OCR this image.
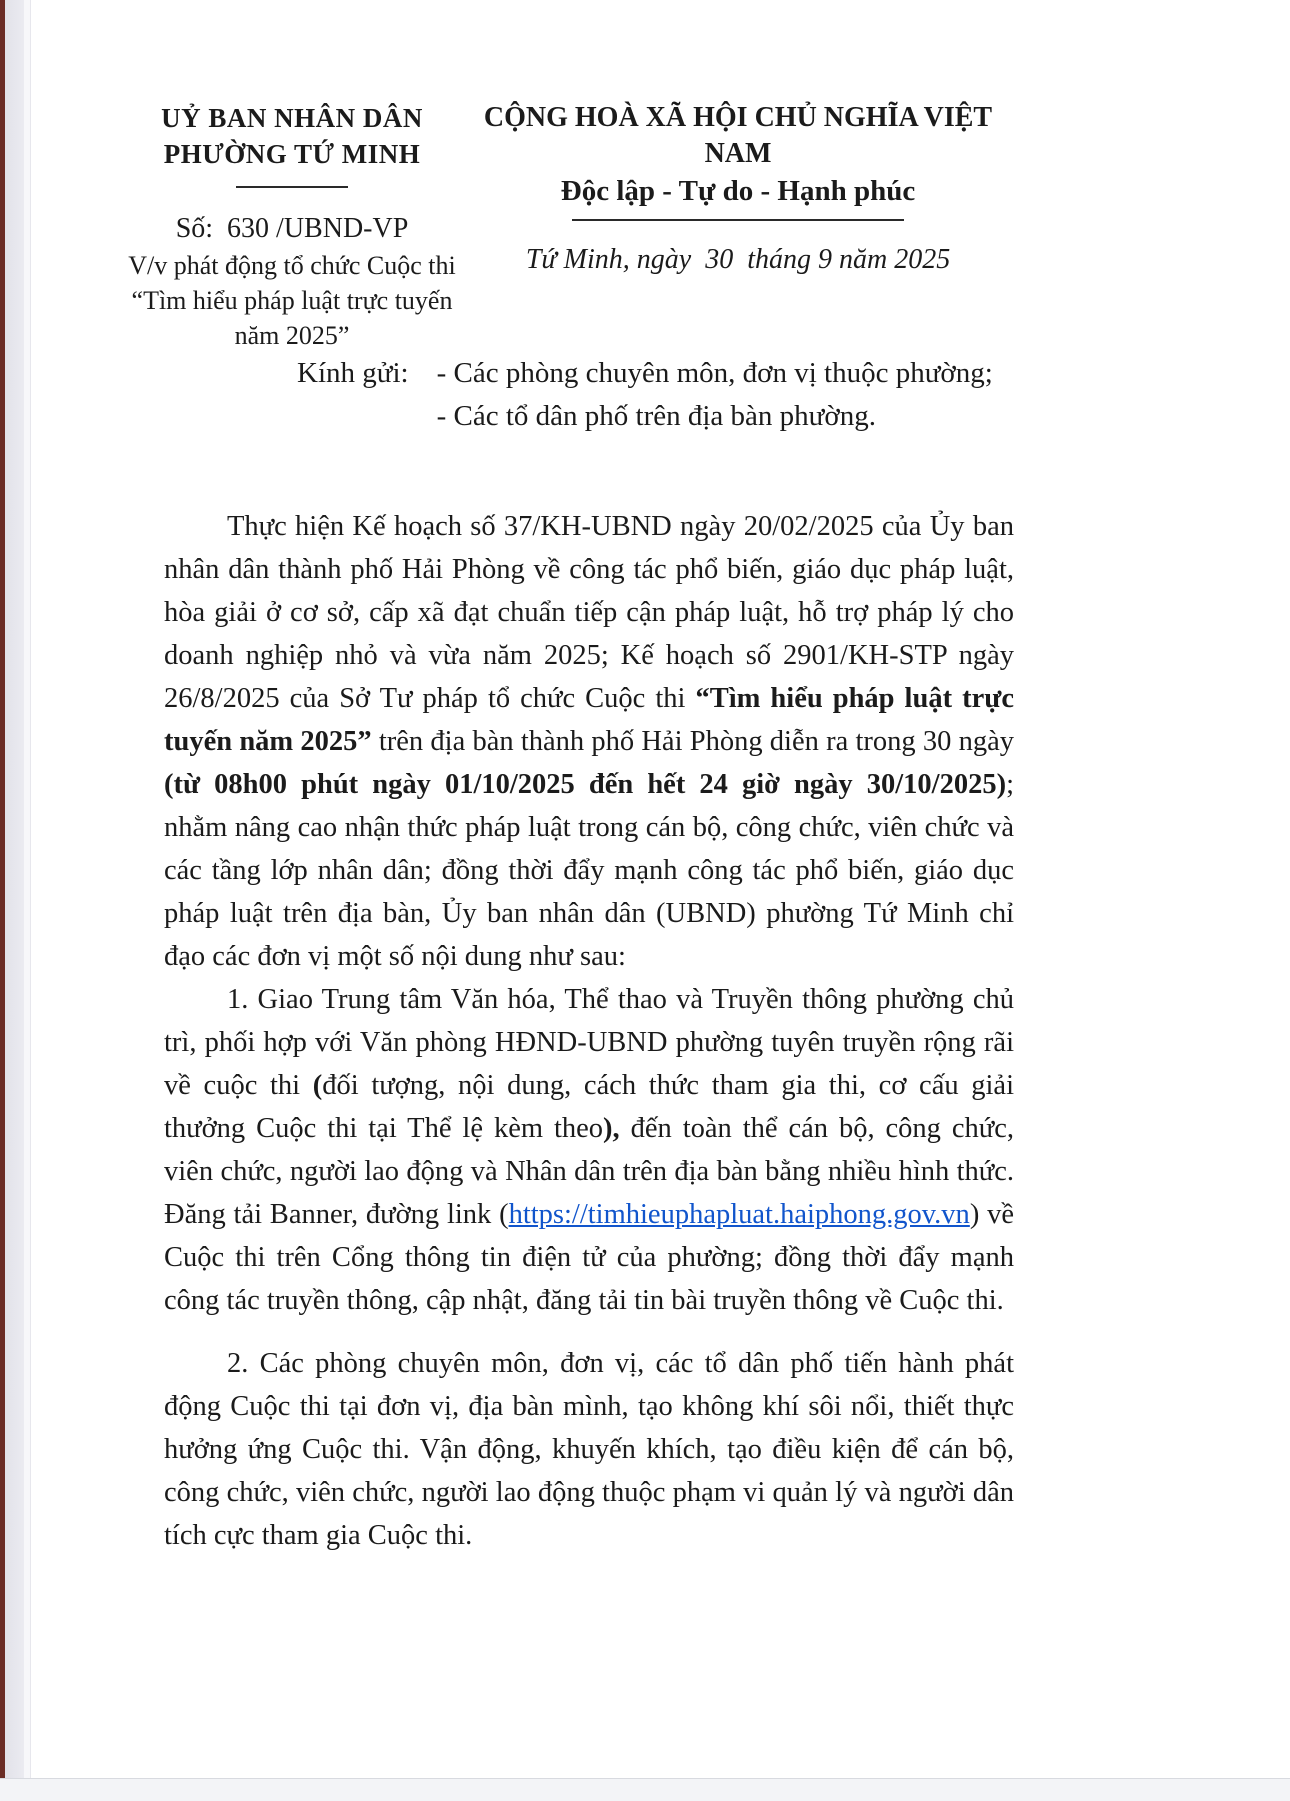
UỶ BAN NHÂN DÂN
PHƯỜNG TỨ MINH
Số:  630 /UBND-VP
V/v phát động tổ chức Cuộc thi “Tìm hiểu pháp luật trực tuyến năm 2025”
CỘNG HOÀ XÃ HỘI CHỦ NGHĨA VIỆT NAM
Độc lập - Tự do - Hạnh phúc
Tứ Minh, ngày  30  tháng 9 năm 2025
Kính gửi: - Các phòng chuyên môn, đơn vị thuộc phường;
- Các tổ dân phố trên địa bàn phường.

Thực hiện Kế hoạch số 37/KH-UBND ngày 20/02/2025 của Ủy ban nhân dân thành phố Hải Phòng về công tác phổ biến, giáo dục pháp luật, hòa giải ở cơ sở, cấp xã đạt chuẩn tiếp cận pháp luật, hỗ trợ pháp lý cho doanh nghiệp nhỏ và vừa năm 2025; Kế hoạch số 2901/KH-STP ngày 26/8/2025 của Sở Tư pháp tổ chức Cuộc thi “Tìm hiểu pháp luật trực tuyến năm 2025” trên địa bàn thành phố Hải Phòng diễn ra trong 30 ngày (từ 08h00 phút ngày 01/10/2025 đến hết 24 giờ ngày 30/10/2025); nhằm nâng cao nhận thức pháp luật trong cán bộ, công chức, viên chức và các tầng lớp nhân dân; đồng thời đẩy mạnh công tác phổ biến, giáo dục pháp luật trên địa bàn, Ủy ban nhân dân (UBND) phường Tứ Minh chỉ đạo các đơn vị một số nội dung như sau:

1. Giao Trung tâm Văn hóa, Thể thao và Truyền thông phường chủ trì, phối hợp với Văn phòng HĐND-UBND phường tuyên truyền rộng rãi về cuộc thi (đối tượng, nội dung, cách thức tham gia thi, cơ cấu giải thưởng Cuộc thi tại Thể lệ kèm theo), đến toàn thể cán bộ, công chức, viên chức, người lao động và Nhân dân trên địa bàn bằng nhiều hình thức. Đăng tải Banner, đường link (https://timhieuphapluat.haiphong.gov.vn) về Cuộc thi trên Cổng thông tin điện tử của phường; đồng thời đẩy mạnh công tác truyền thông, cập nhật, đăng tải tin bài truyền thông về Cuộc thi.

2. Các phòng chuyên môn, đơn vị, các tổ dân phố tiến hành phát động Cuộc thi tại đơn vị, địa bàn mình, tạo không khí sôi nổi, thiết thực hưởng ứng Cuộc thi. Vận động, khuyến khích, tạo điều kiện để cán bộ, công chức, viên chức, người lao động thuộc phạm vi quản lý và người dân tích cực tham gia Cuộc thi.
